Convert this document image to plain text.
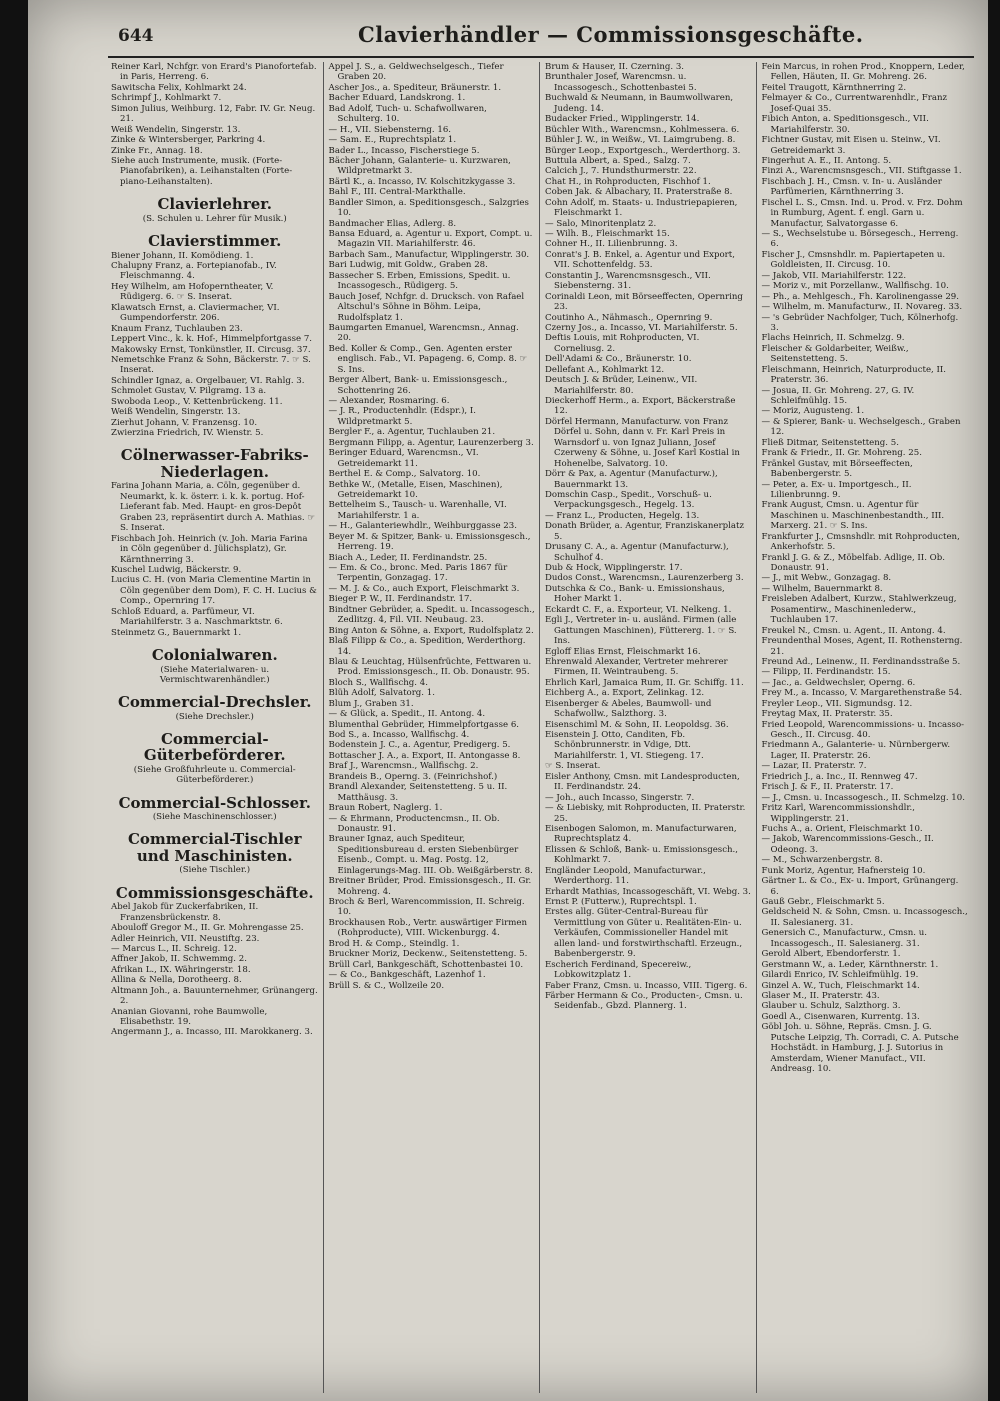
644	Clavierhändler — Commissionsgeschäfte.

Reiner Karl, Nchfgr. von Erard's Pianofortefab. in Paris, Herreng. 6.

Sawitscha Felix, Kohlmarkt 24.

Schrimpf J., Kohlmarkt 7.

Simon Julius, Weihburg. 12, Fabr. IV. Gr. Neug. 21.

Weiß Wendelin, Singerstr. 13.

Zinke & Wintersberger, Parkring 4.

Zinke Fr., Annag. 18.

Siehe auch Instrumente, musik. (Forte-Pianofabriken), a. Leihanstalten (Forte-piano-Leihanstalten).

Clavierlehrer.

(S. Schulen u. Lehrer für Musik.)

Clavierstimmer.

Biener Johann, II. Komödieng. 1.

Chalupny Franz, a. Fortepianofab., IV. Fleischmanng. 4.

Hey Wilhelm, am Hofoperntheater, V. Rüdigerg. 6. ☞ S. Inserat.

Klawatsch Ernst, a. Claviermacher, VI. Gumpendorferstr. 206.

Knaum Franz, Tuchlauben 23.

Leppert Vinc., k. k. Hof-, Himmelpfortgasse 7.

Makowsky Ernst, Tonkünstler, II. Circusg. 37.

Nemetschke Franz & Sohn, Bäckerstr. 7. ☞ S. Inserat.

Schindler Ignaz, a. Orgelbauer, VI. Rahlg. 3.

Schmolet Gustav, V. Pilgramg. 13 a.

Swoboda Leop., V. Kettenbrückeng. 11.

Weiß Wendelin, Singerstr. 13.

Zierhut Johann, V. Franzensg. 10.

Zwierzina Friedrich, IV. Wienstr. 5.

Cölnerwasser-Fabriks-Niederlagen.

Farina Johann Maria, a. Cöln, gegenüber d. Neumarkt, k. k. österr. i. k. k. portug. Hof-Lieferant fab. Med. Haupt- en gros-Depôt Graben 23, repräsentirt durch A. Mathias. ☞ S. Inserat.

Fischbach Joh. Heinrich (v. Joh. Maria Farina in Cöln gegenüber d. Jülichsplatz), Gr. Kärnthnerring 3.

Kuschel Ludwig, Bäckerstr. 9.

Lucius C. H. (von Maria Clementine Martin in Cöln gegenüber dem Dom), F. C. H. Lucius & Comp., Opernring 17.

Schloß Eduard, a. Parfümeur, VI. Mariahilferstr. 3 a. Naschmarktstr. 6.

Steinmetz G., Bauernmarkt 1.

Colonialwaren.

(Siehe Materialwaren- u. Vermischtwarenhändler.)

Commercial-Drechsler.

(Siehe Drechsler.)

Commercial-Güterbeförderer.

(Siehe Großfuhrleute u. Commercial-Güterbeförderer.)

Commercial-Schlosser.

(Siehe Maschinenschlosser.)

Commercial-Tischler und Maschinisten.

(Siehe Tischler.)

Commissionsgeschäfte.

Abel Jakob für Zuckerfabriken, II. Franzensbrückenstr. 8.

Abouloff Gregor M., II. Gr. Mohrengasse 25.

Adler Heinrich, VII. Neustiftg. 23.

— Marcus L., II. Schreig. 12.

Affner Jakob, II. Schwemmg. 2.

Afrikan L., IX. Währingerstr. 18.

Allina & Nella, Dorotheerg. 8.

Altmann Joh., a. Bauunternehmer, Grünangerg. 2.

Ananian Giovanni, rohe Baumwolle, Elisabethstr. 19.

Angermann J., a. Incasso, III. Marokkanerg. 3.

Appel J. S., a. Geldwechselgesch., Tiefer Graben 20.

Ascher Jos., a. Spediteur, Bräunerstr. 1.

Bacher Eduard, Landskrong. 1.

Bad Adolf, Tuch- u. Schafwollwaren, Schulterg. 10.

— H., VII. Siebensterng. 16.

— Sam. E., Ruprechtsplatz 1.

Bader L., Incasso, Fischerstiege 5.

Bächer Johann, Galanterie- u. Kurzwaren, Wildpretmarkt 3.

Bärtl K., a. Incasso, IV. Kolschitzkygasse 3.

Bahl F., III. Central-Markthalle.

Bandler Simon, a. Speditionsgesch., Salzgries 10.

Bandmacher Elias, Adlerg. 8.

Bansa Eduard, a. Agentur u. Export, Compt. u. Magazin VII. Mariahilferstr. 46.

Barbach Sam., Manufactur, Wipplingerstr. 30.

Bari Ludwig, mit Goldw., Graben 28.

Bassecher S. Erben, Emissions, Spedit. u. Incassogesch., Rüdigerg. 5.

Bauch Josef, Nchfgr. d. Drucksch. von Rafael Altschul's Söhne in Böhm. Leipa, Rudolfsplatz 1.

Baumgarten Emanuel, Warencmsn., Annag. 20.

Bed. Koller & Comp., Gen. Agenten erster englisch. Fab., VI. Papageng. 6, Comp. 8. ☞ S. Ins.

Berger Albert, Bank- u. Emissionsgesch., Schottenring 26.

— Alexander, Rosmaring. 6.

— J. R., Productenhdlr. (Edspr.), I. Wildpretmarkt 5.

Bergler F., a. Agentur, Tuchlauben 21.

Bergmann Filipp, a. Agentur, Laurenzerberg 3.

Beringer Eduard, Warencmsn., VI. Getreidemarkt 11.

Berthel E. & Comp., Salvatorg. 10.

Bethke W., (Metalle, Eisen, Maschinen), Getreidemarkt 10.

Bettelheim S., Tausch- u. Warenhalle, VI. Mariahilferstr. 1 a.

— H., Galanteriewhdlr., Weihburggasse 23.

Beyer M. & Spitzer, Bank- u. Emissionsgesch., Herreng. 19.

Biach A., Leder, II. Ferdinandstr. 25.

— Em. & Co., bronc. Med. Paris 1867 für Terpentin, Gonzagag. 17.

— M. J. & Co., auch Export, Fleischmarkt 3.

Bieger P. W., II. Ferdinandstr. 17.

Bindtner Gebrüder, a. Spedit. u. Incassogesch., Zedlitzg. 4, Fil. VII. Neubaug. 23.

Bing Anton & Söhne, a. Export, Rudolfsplatz 2.

Blaß Filipp & Co., a. Spedition, Werderthorg. 14.

Blau & Leuchtag, Hülsenfrüchte, Fettwaren u. Prod. Emissionsgesch., II. Ob. Donaustr. 95.

Bloch S., Wallfischg. 4.

Blüh Adolf, Salvatorg. 1.

Blum J., Graben 31.

— & Glück, a. Spedit., II. Antong. 4.

Blumenthal Gebrüder, Himmelpfortgasse 6.

Bod S., a. Incasso, Wallfischg. 4.

Bodenstein J. C., a. Agentur, Predigerg. 5.

Bottascher J. A., a. Export, II. Antongasse 8.

Braf J., Warencmsn., Wallfischg. 2.

Brandeis B., Operng. 3. (Feinrichshof.)

Brandl Alexander, Seitenstetteng. 5 u. II. Matthäusg. 3.

Braun Robert, Naglerg. 1.

— & Ehrmann, Productencmsn., II. Ob. Donaustr. 91.

Brauner Ignaz, auch Spediteur, Speditionsbureau d. ersten Siebenbürger Eisenb., Compt. u. Mag. Postg. 12, Einlagerungs-Mag. III. Ob. Weißgärberstr. 8.

Breitner Brüder, Prod. Emissionsgesch., II. Gr. Mohreng. 4.

Broch & Berl, Warencommission, II. Schreig. 10.

Brockhausen Rob., Vertr. auswärtiger Firmen (Rohproducte), VIII. Wickenburgg. 4.

Brod H. & Comp., Steindlg. 1.

Bruckner Moriz, Deckenw., Seitenstetteng. 5.

Brüll Carl, Bankgeschäft, Schottenbastei 10.

— & Co., Bankgeschäft, Lazenhof 1.

Brüll S. & C., Wollzeile 20.

Brum & Hauser, II. Czerning. 3.

Brunthaler Josef, Warencmsn. u. Incassogesch., Schottenbastei 5.

Buchwald & Neumann, in Baumwollwaren, Judeng. 14.

Budacker Fried., Wipplingerstr. 14.

Büchler With., Warencmsn., Kohlmessera. 6.

Bühler J. W., in Weißw., VI. Laimgrubeng. 8.

Bürger Leop., Exportgesch., Werderthorg. 3.

Buttula Albert, a. Sped., Salzg. 7.

Calcich J., 7. Hundsthurmerstr. 22.

Chat H., in Rohproducten, Fischhof 1.

Coben Jak. & Albachary, II. Praterstraße 8.

Cohn Adolf, m. Staats- u. Industriepapieren, Fleischmarkt 1.

— Salo, Minoritenplatz 2.

— Wilh. B., Fleischmarkt 15.

Cohner H., II. Lilienbrunng. 3.

Conrat's J. B. Enkel, a. Agentur und Export, VII. Schottenfeldg. 53.

Constantin J., Warencmsnsgesch., VII. Siebensterng. 31.

Corinaldi Leon, mit Börseeffecten, Opernring 23.

Coutinho A., Nähmasch., Opernring 9.

Czerny Jos., a. Incasso, VI. Mariahilferstr. 5.

Deftis Louis, mit Rohproducten, VI. Corneliusg. 2.

Dell'Adami & Co., Bräunerstr. 10.

Dellefant A., Kohlmarkt 12.

Deutsch J. & Brüder, Leinenw., VII. Mariahilferstr. 80.

Dieckerhoff Herm., a. Export, Bäckerstraße 12.

Dörfel Hermann, Manufacturw. von Franz Dörfel u. Sohn, dann v. Fr. Karl Preis in Warnsdorf u. von Ignaz Juliann, Josef Czerweny & Söhne, u. Josef Karl Kostial in Hohenelbe, Salvatorg. 10.

Dörr & Pax, a. Agentur (Manufacturw.), Bauernmarkt 13.

Domschin Casp., Spedit., Vorschuß- u. Verpackungsgesch., Hegelg. 13.

— Franz L., Producten, Hegelg. 13.

Donath Brüder, a. Agentur, Franziskanerplatz 5.

Drusany C. A., a. Agentur (Manufacturw.), Schulhof 4.

Dub & Hock, Wipplingerstr. 17.

Dudos Const., Warencmsn., Laurenzerberg 3.

Dutschka & Co., Bank- u. Emissionshaus, Hoher Markt 1.

Eckardt C. F., a. Exporteur, VI. Nelkeng. 1.

Egli J., Vertreter in- u. ausländ. Firmen (alle Gattungen Maschinen), Füttererg. 1. ☞ S. Ins.

Egloff Elias Ernst, Fleischmarkt 16.

Ehrenwald Alexander, Vertreter mehrerer Firmen, II. Weintraubeng. 5.

Ehrlich Karl, Jamaica Rum, II. Gr. Schiffg. 11.

Eichberg A., a. Export, Zelinkag. 12.

Eisenberger & Abeles, Baumwoll- und Schafwollw., Salzthorg. 3.

Eisenschiml M. & Sohn, II. Leopoldsg. 36.

Eisenstein J. Otto, Canditen, Fb. Schönbrunnerstr. in Vdige, Dtt. Mariahilferstr. 1, VI. Stiegeng. 17.

☞ S. Inserat.

Eisler Anthony, Cmsn. mit Landesproducten, II. Ferdinandstr. 24.

— Joh., auch Incasso, Singerstr. 7.

— & Liebisky, mit Rohproducten, II. Praterstr. 25.

Eisenbogen Salomon, m. Manufacturwaren, Ruprechtsplatz 4.

Elissen & Schloß, Bank- u. Emissionsgesch., Kohlmarkt 7.

Engländer Leopold, Manufacturwar., Werderthorg. 11.

Erhardt Mathias, Incassogeschäft, VI. Webg. 3.

Ernst P. (Futterw.), Ruprechtspl. 1.

Erstes allg. Güter-Central-Bureau für Vermittlung von Güter u. Realitäten-Ein- u. Verkäufen, Commissioneller Handel mit allen land- und forstwirthschaftl. Erzeugn., Babenbergerstr. 9.

Escherich Ferdinand, Specereiw., Lobkowitzplatz 1.

Faber Franz, Cmsn. u. Incasso, VIII. Tigerg. 6.

Färber Hermann & Co., Producten-, Cmsn. u. Seidenfab., Gbzd. Plannerg. 1.

Fein Marcus, in rohen Prod., Knoppern, Leder, Fellen, Häuten, II. Gr. Mohreng. 26.

Feitel Traugott, Kärnthnerring 2.

Felmayer & Co., Currentwarenhdlr., Franz Josef-Quai 35.

Fibich Anton, a. Speditionsgesch., VII. Mariahilferstr. 30.

Fichtner Gustav, mit Eisen u. Steinw., VI. Getreidemarkt 3.

Fingerhut A. E., II. Antong. 5.

Finzi A., Warencmsnsgesch., VII. Stiftgasse 1.

Fischbach J. H., Cmsn. v. In- u. Ausländer Parfümerien, Kärnthnerring 3.

Fischel L. S., Cmsn. Ind. u. Prod. v. Frz. Dohm in Rumburg, Agent. f. engl. Garn u. Manufactur, Salvatorgasse 6.

— S., Wechselstube u. Börsegesch., Herreng. 6.

Fischer J., Cmsnshdlr. m. Papiertapeten u. Goldleisten, II. Circusg. 10.

— Jakob, VII. Mariahilferstr. 122.

— Moriz v., mit Porzellanw., Wallfischg. 10.

— Ph., a. Mehlgesch., Fh. Karolinengasse 29.

— Wilhelm, m. Manufacturw., II. Novareg. 33.

— 's Gebrüder Nachfolger, Tuch, Kölnerhofg. 3.

Flachs Heinrich, II. Schmelzg. 9.

Fleischer & Goldarbeiter, Weißw., Seitenstetteng. 5.

Fleischmann, Heinrich, Naturproducte, II. Praterstr. 36.

— Josua, II. Gr. Mohreng. 27, G. IV. Schleifmühlg. 15.

— Moriz, Augusteng. 1.

— & Spierer, Bank- u. Wechselgesch., Graben 12.

Fließ Ditmar, Seitenstetteng. 5.

Frank & Friedr., II. Gr. Mohreng. 25.

Fränkel Gustav, mit Börseeffecten, Babenbergerstr. 5.

— Peter, a. Ex- u. Importgesch., II. Lilienbrunng. 9.

Frank August, Cmsn. u. Agentur für Maschinen u. Maschinenbestandth., III. Marxerg. 21. ☞ S. Ins.

Frankfurter J., Cmsnshdlr. mit Rohproducten, Ankerhofstr. 5.

Frankl J. G. & Z., Möbelfab. Adlige, II. Ob. Donaustr. 91.

— J., mit Webw., Gonzagag. 8.

— Wilhelm, Bauernmarkt 8.

Freisleben Adalbert, Kurzw., Stahlwerkzeug, Posamentirw., Maschinenlederw., Tuchlauben 17.

Freukel N., Cmsn. u. Agent., II. Antong. 4.

Freundenthal Moses, Agent, II. Rothensterng. 21.

Freund Ad., Leinenw., II. Ferdinandsstraße 5.

— Filipp, II. Ferdinandstr. 15.

— Jac., a. Geldwechsler, Operng. 6.

Frey M., a. Incasso, V. Margarethenstraße 54.

Freyler Leop., VII. Sigmundsg. 12.

Freytag Max, II. Praterstr. 35.

Fried Leopold, Warencommissions- u. Incasso-Gesch., II. Circusg. 40.

Friedmann A., Galanterie- u. Nürnbergerw. Lager, II. Praterstr. 26.

— Lazar, II. Praterstr. 7.

Friedrich J., a. Inc., II. Rennweg 47.

Frisch J. & F., II. Praterstr. 17.

— J., Cmsn. u. Incassogesch., II. Schmelzg. 10.

Fritz Karl, Warencommissionshdlr., Wipplingerstr. 21.

Fuchs A., a. Orient, Fleischmarkt 10.

— Jakob, Warencommissions-Gesch., II. Odeong. 3.

— M., Schwarzenbergstr. 8.

Funk Moriz, Agentur, Hafnersteig 10.

Gärtner L. & Co., Ex- u. Import, Grünangerg. 6.

Gauß Gebr., Fleischmarkt 5.

Geldscheid N. & Sohn, Cmsn. u. Incassogesch., II. Salesianerg. 31.

Genersich C., Manufacturw., Cmsn. u. Incassogesch., II. Salesianerg. 31.

Gerold Albert, Ebendorferstr. 1.

Gerstmann W., a. Leder, Kärnthnerstr. 1.

Gilardi Enrico, IV. Schleifmühlg. 19.

Ginzel A. W., Tuch, Fleischmarkt 14.

Glaser M., II. Praterstr. 43.

Glauber u. Schulz, Salzthorg. 3.

Goedl A., Cisenwaren, Kurrentg. 13.

Göbl Joh. u. Söhne, Repräs. Cmsn. J. G. Putsche Leipzig, Th. Corradi, C. A. Putsche Hochstädt. in Hamburg, J. J. Sutorius in Amsterdam, Wiener Manufact., VII. Andreasg. 10.
